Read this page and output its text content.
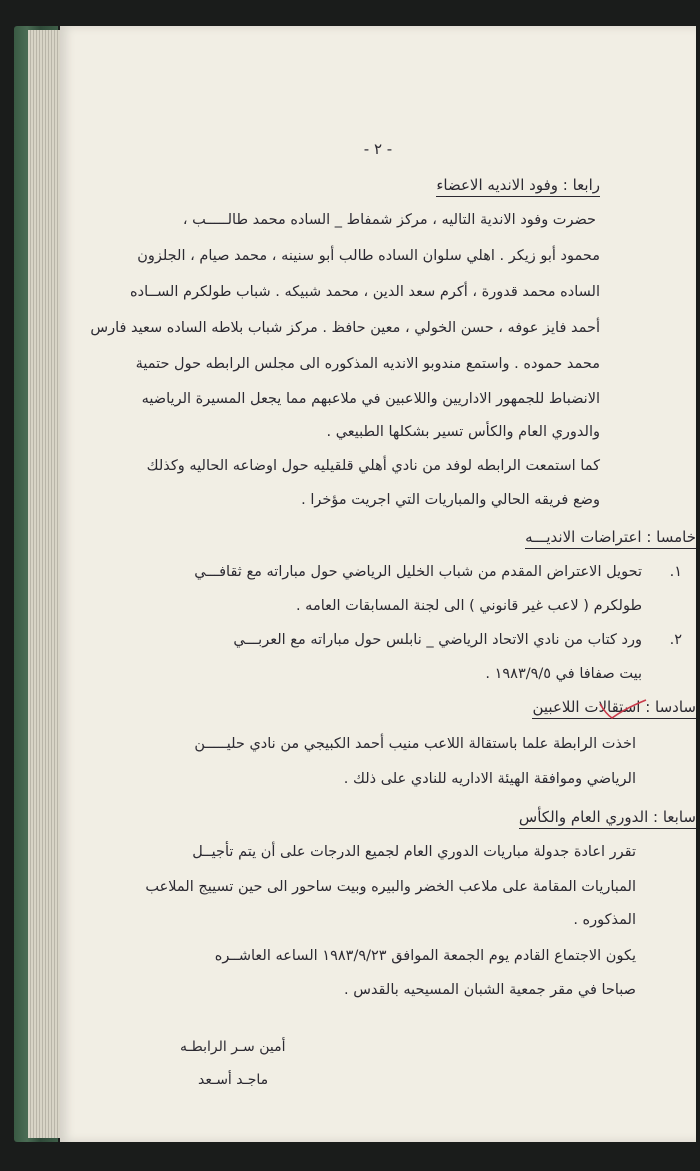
- ٢ -
رابعا : وفود الانديه الاعضاء
حضرت وفود الاندية التاليه ، مركز شمفاط _ الساده محمد طالـــــب ،
محمود أبو زيكر . اهلي سلوان الساده طالب أبو سنينه ، محمد صيام ، الجلزون
الساده محمد قدورة ، أكرم سعد الدين ، محمد شبيكه . شباب طولكرم الســاده
أحمد فايز عوفه ، حسن الخولي ، معين حافظ . مركز شباب بلاطه الساده سعيد فارس
محمد حموده . واستمع مندوبو الانديه المذكوره الى مجلس الرابطه حول حتمية
الانضباط للجمهور الاداريين واللاعبين في ملاعبهم مما يجعل المسيرة الرياضيه
والدوري العام والكأس تسير بشكلها الطبيعي .
كما استمعت الرابطه لوفد من نادي أهلي قلقيليه حول اوضاعه الحاليه وكذلك
وضع فريقه الحالي والمباريات التي اجريت مؤخرا .
خامسا : اعتراضات الانديـــه
١.
تحويل الاعتراض المقدم من شباب الخليل الرياضي حول مباراته مع ثقافـــي
طولكرم ( لاعب غير قانوني ) الى لجنة المسابقات العامه .
٢.
ورد كتاب من نادي الاتحاد الرياضي _ نابلس حول مباراته مع العربـــي
بيت صفافا في ١٩٨٣/٩/٥ .
سادسا : استقالات اللاعبين
اخذت الرابطة علما باستقالة اللاعب منيب أحمد الكبيجي من نادي حليـــــن
الرياضي وموافقة الهيئة الاداريه للنادي على ذلك .
سابعا : الدوري العام والكأس
تقرر اعادة جدولة مباريات الدوري العام لجميع الدرجات على أن يتم تأجيــل
المباريات المقامة على ملاعب الخضر والبيره وبيت ساحور الى حين تسييج الملاعب
المذكوره .
يكون الاجتماع القادم يوم الجمعة الموافق ١٩٨٣/٩/٢٣ الساعه العاشــره
صباحا في مقر جمعية الشبان المسيحيه بالقدس .
أمين سـر الرابطـه
ماجـد أسـعد
